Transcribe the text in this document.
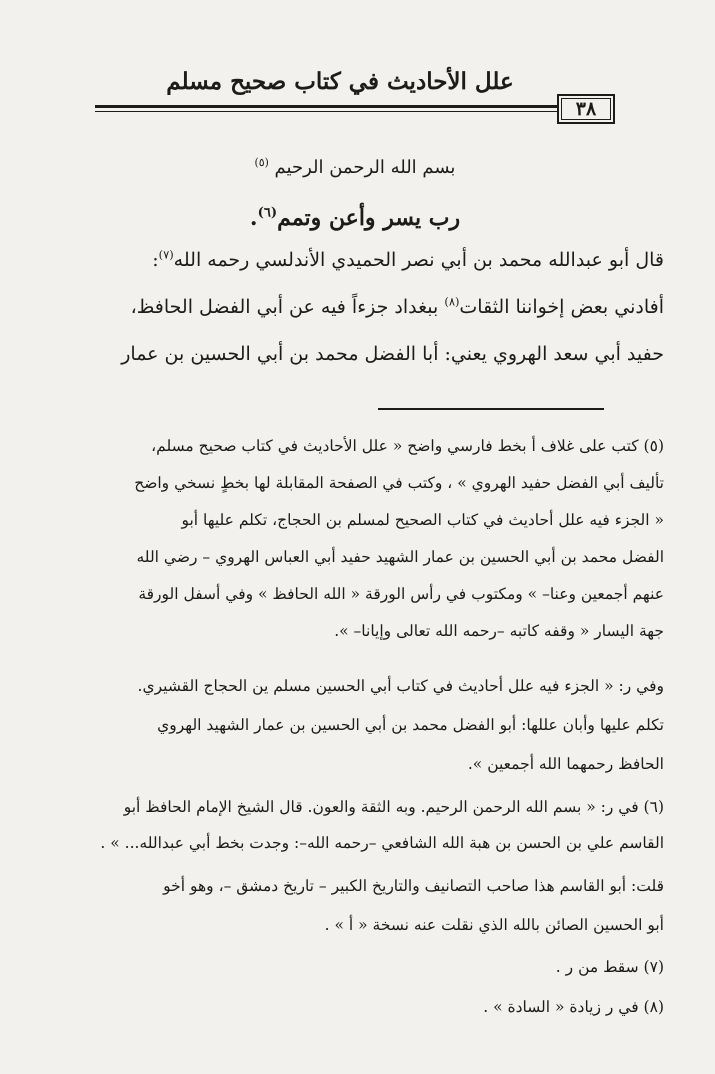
علل الأحاديث في كتاب صحيح مسلم
٣٨
بسم الله الرحمن الرحيم $^{(٥)}$
رب يسر وأعن وتمم$^{(٦)}$.
قال أبو عبدالله محمد بن أبي نصر الحميدي الأندلسي رحمه الله$^{(٧)}$:
أفادني بعض إخواننا الثقات$^{(٨)}$ ببغداد جزءاً فيه عن أبي الفضل الحافظ،
حفيد أبي سعد الهروي يعني: أبا الفضل محمد بن أبي الحسين بن عمار
(٥) كتب على غلاف أ بخط فارسي واضح « علل الأحاديث في كتاب صحيح مسلم،
تأليف أبي الفضل حفيد الهروي » ، وكتب في الصفحة المقابلة لها بخطٍ نسخي واضح
« الجزء فيه علل أحاديث في كتاب الصحيح لمسلم بن الحجاج، تكلم عليها أبو
الفضل محمد بن أبي الحسين بن عمار الشهيد حفيد أبي العباس الهروي – رضي الله
عنهم أجمعين وعنا– » ومكتوب في رأس الورقة « الله الحافظ » وفي أسفل الورقة
جهة اليسار « وقفه كاتبه –رحمه الله تعالى وإيانا– ».
وفي ر: « الجزء فيه علل أحاديث في كتاب أبي الحسين مسلم ين الحجاج القشيري.
تكلم عليها وأبان عللها: أبو الفضل محمد بن أبي الحسين بن عمار الشهيد الهروي
الحافظ رحمهما الله أجمعين ».
(٦) في ر: « بسم الله الرحمن الرحيم. وبه الثقة والعون. قال الشيخ الإمام الحافظ أبو
القاسم علي بن الحسن بن هبة الله الشافعي –رحمه الله–: وجدت بخط أبي عبدالله... » .
قلت: أبو القاسم هذا صاحب التصانيف والتاريخ الكبير – تاريخ دمشق –، وهو أخو
أبو الحسين الصائن بالله الذي نقلت عنه نسخة « أ » .
(٧) سقط من ر .
(٨) في ر زيادة « السادة » .
